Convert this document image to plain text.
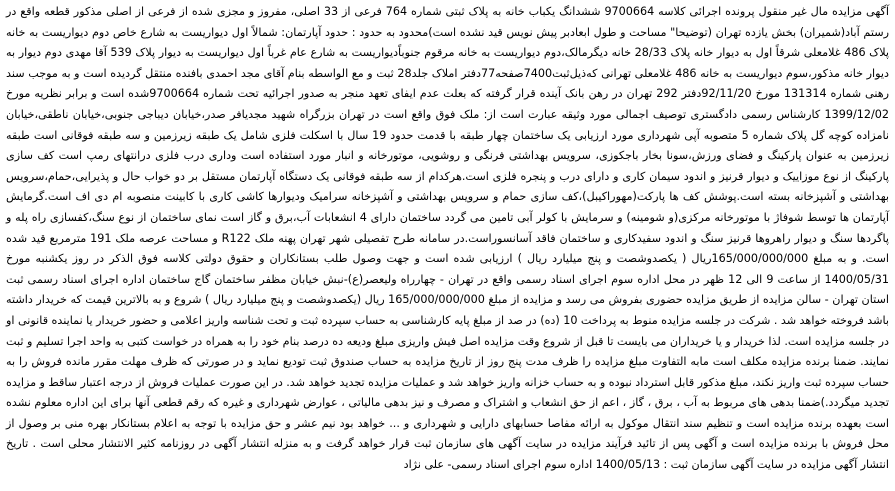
آگهی مزایده مال غیر منقول پرونده اجرائی کلاسه 9700664 ششدانگ یکباب خانه به پلاک ثبتی شماره 764 فرعی از 33 اصلی، مفروز و مجزی شده از فرعی از اصلی مذکور قطعه واقع در رستم آباد(شمیران) بخش یازده تهران (توضیحا" مساحت و طول ابعادبر پیش نویس قید نشده است)محدود به حدود : حدود آپارتمان: شمالاً اول دیواریست به شارع خاص دوم دیواریست به خانه پلاک 486 غلامعلی شرقاً اول به دیوار خانه پلاک 28/33 خانه دیگرمالک،دوم دیواریست به خانه مرقوم جنوباًدیواریست به شارع عام غرباً اول دیواریست به دیوار پلاک 539 آقا مهدی دوم دیوار به دیوار خانه مذکور،سوم دیواریست به خانه 486 غلامعلی تهرانی که‌ذیل‌ثبت7400صفحه77دفتر املاک جلد28 ثبت و مع الواسطه بنام آقای مجد احمدی بافنده منتقل گردیده است و به موجب سند رهنی شماره 131314 مورخ 92/11/20دفتر 292 تهران در رهن بانک آینده قرار گرفته که بعلت عدم ایفای تعهد منجر به صدور اجرائیه تحت شماره 9700664شده است و برابر نظریه مورخ 1399/12/02 کارشناس رسمی دادگستری توصیف اجمالی مورد وثیقه عبارت است از: ملک فوق واقع است در تهران بزرگراه شهید مجدیافر صدر،خیابان دیباجی جنوبی،خیابان ناطقی،خیابان نامزاده کوچه گل پلاک شماره 5 متصوبه آپی شهرداری مورد ارزیابی یک ساختمان چهار طبقه با قدمت حدود 19 سال با اسکلت فلزی شامل یک طبقه زیرزمین و سه طبقه فوقانی است طبقه زیرزمین به عنوان پارکینگ و فضای ورزش،سونا بخار باجکوزی، سرویس بهداشتی فرنگی و روشویی، موتورخانه و انبار مورد استفاده است وداری درب فلزی درانتهای رمپ است کف سازی پارکینگ از نوع موزاییک و دیوار قرنیز و اندود سیمان کاری و دارای درب و پنجره فلزی است.هرکدام از سه طبقه فوقانی یک دستگاه آپارتمان مستقل بر دو خواب حال و پذیرایی،حمام،سرویس بهداشتی و آشپزخانه بسته است.پوشش کف ها پارکت(مهوراکیبل)،کف سازی حمام و سرویس بهداشتی و آشپزخانه سرامیک ودیوارها کاشی کاری با کابینت منصوبه ام دی اف است.گرمایش آپارتمان ها توسط شوفاژ با موتورخانه مرکزی(و شومینه) و سرمایش با کولر آبی تامین می گردد ساختمان دارای 4 انشعابات آب،برق و گاز است نمای ساختمان از نوع سنگ،کفسازی راه پله و پاگردها سنگ و دیوار راهروها قرنیز سنگ و اندود سفیدکاری و ساختمان فاقد آسانسوراست.در سامانه طرح تفصیلی شهر تهران پهنه ملک R122 و مساحت عرصه ملک 191 مترمربع قید شده است. و به مبلغ 165/000/000/000ریال ( یکصدوشصت و پنج میلیارد ریال ) ارزیابی شده است و جهت وصول طلب بستانکاران و حقوق دولتی کلاسه فوق الذکر در روز یکشنبه مورخ 1400/05/31 از ساعت 9 الی 12 ظهر در محل اداره سوم اجرای اسناد رسمی واقع در تهران - چهارراه ولیعصر(ع)-نبش خیابان مظفر ساختمان گاج ساختمان اداره اجرای اسناد رسمی ثبت استان تهران - سالن مزایده از طریق مزایده حضوری بفروش می رسد و مزایده از مبلغ 165/000/000/000 ریال (یکصدوشصت و پنج میلیارد ریال ) شروع و به بالاترین قیمت که خریدار داشته باشد فروخته خواهد شد . شرکت در جلسه مزایده منوط به پرداخت 10 (ده) در صد از مبلغ پایه کارشناسی به حساب سپرده ثبت و تحت شناسه واریز اعلامی و حضور خریدار یا نماینده قانونی او در جلسه مزایده است. لذا خریدار و یا خریداران می بایست تا قبل از شروع وقت مزایده اصل فیش واریزی مبلغ ودیعه ده درصد بنام خود را به همراه در خواست کتبی به واحد اجرا تسلیم و ثبت نمایند. ضمنا برنده مزایده مکلف است مابه التفاوت مبلغ مزایده را ظرف مدت پنج روز از تاریخ مزایده به حساب صندوق ثبت تودیع نماید و در صورتی که ظرف مهلت مقرر مانده فروش را به حساب سپرده ثبت واریز نکند، مبلغ مذکور قابل استرداد نبوده و به حساب خزانه واریز خواهد شد و عملیات مزایده تجدید خواهد شد. در این صورت عملیات فروش از درجه اعتبار ساقط و مزایده تجدید میگردد.)ضمنا بدهی های مربوط به آب ، برق ، گاز ، اعم از حق انشعاب و اشتراک و مصرف و نیز بدهی مالیاتی ، عوارض شهرداری و غیره که رقم قطعی آنها برای این اداره معلوم نشده است بعهده برنده مزایده است و تنظیم سند انتقال موکول به ارائه مفاصا حسابهای دارایی و شهرداری و ... خواهد بود نیم عشر و حق مزایده با توجه به اعلام بستانکار بهره منی بر وصول از محل فروش با برنده مزایده است و آگهی پس از تائید فرآیند مزایده در سایت آگهی های سازمان ثبت قرار خواهد گرفت و به منزله انتشار آگهی در روزنامه کثیر الانتشار محلی است . تاریخ انتشار آگهی مزایده در سایت آگهی سازمان ثبت : 1400/05/13 اداره سوم اجرای اسناد رسمی- علی نژاد
